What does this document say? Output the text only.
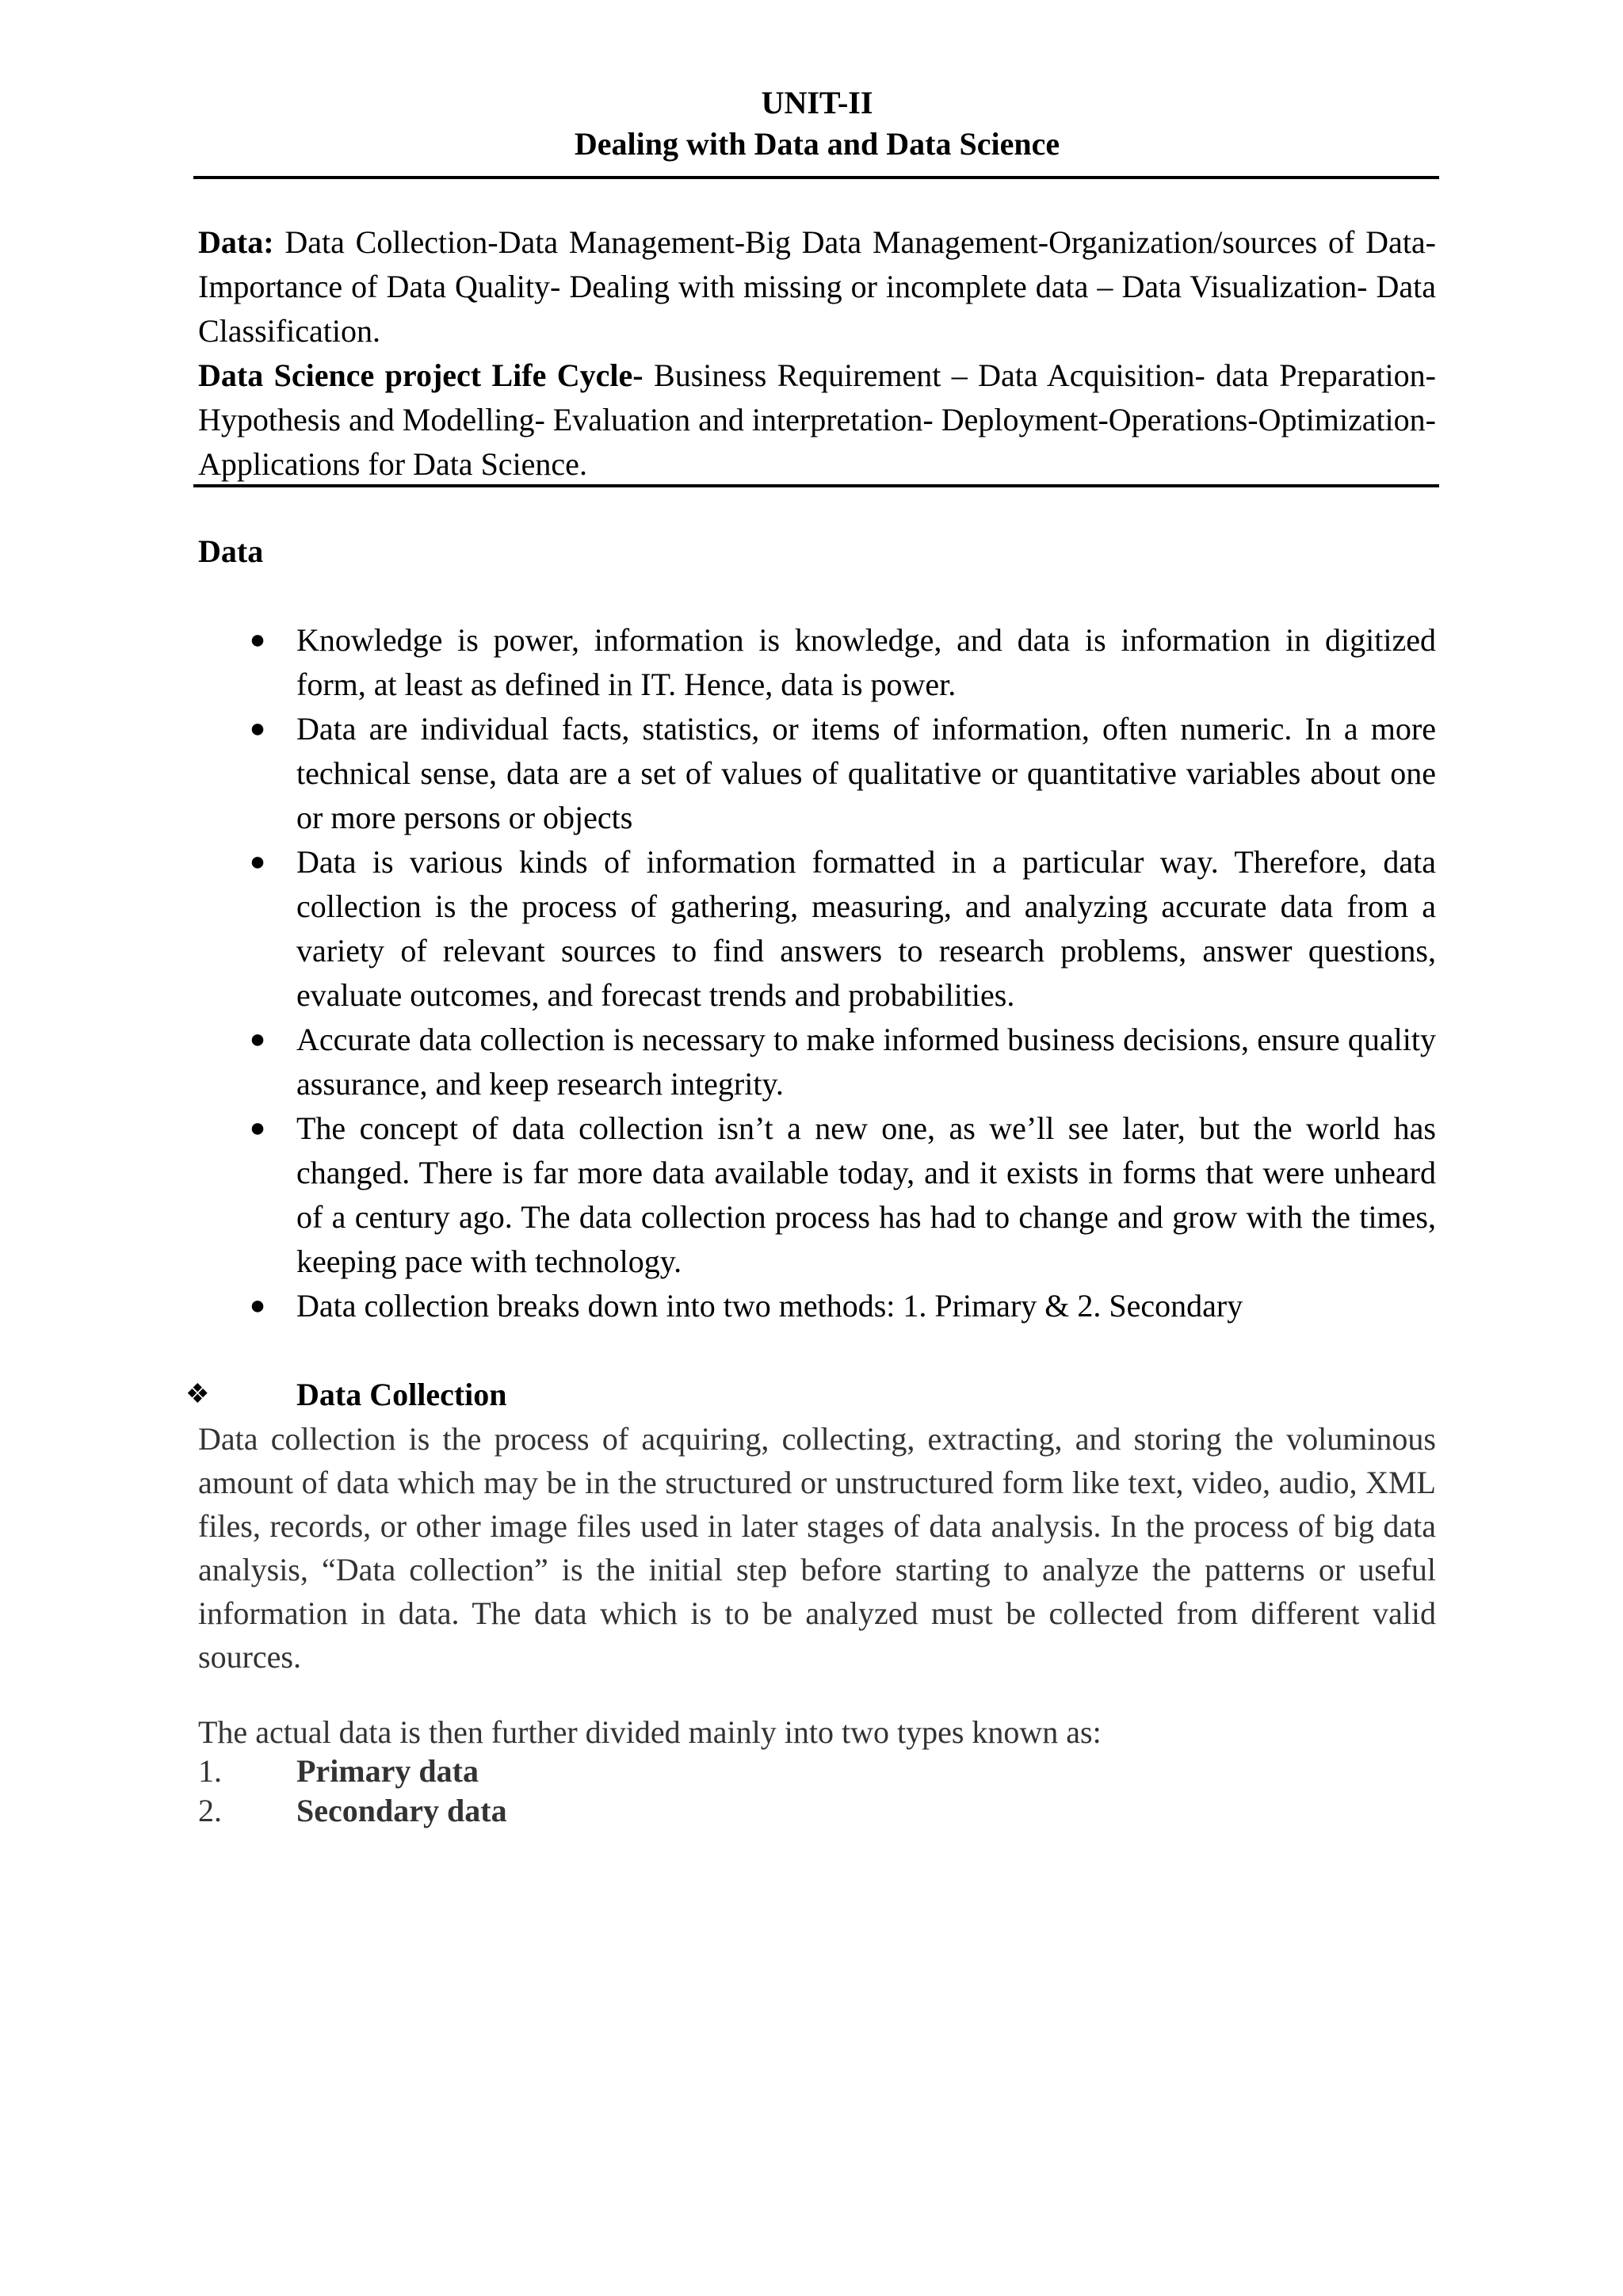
UNIT-II
Dealing with Data and Data Science

Data: Data Collection-Data Management-Big Data Management-Organization/sources of Data- Importance of Data Quality- Dealing with missing or incomplete data – Data Visualization- Data Classification.

Data Science project Life Cycle- Business Requirement – Data Acquisition- data Preparation- Hypothesis and Modelling- Evaluation and interpretation- Deployment-Operations-Optimization-Applications for Data Science.

Data
● Knowledge is power, information is knowledge, and data is information in digitized form, at least as defined in IT. Hence, data is power.
● Data are individual facts, statistics, or items of information, often numeric. In a more technical sense, data are a set of values of qualitative or quantitative variables about one or more persons or objects
● Data is various kinds of information formatted in a particular way. Therefore, data collection is the process of gathering, measuring, and analyzing accurate data from a variety of relevant sources to find answers to research problems, answer questions, evaluate outcomes, and forecast trends and probabilities.
● Accurate data collection is necessary to make informed business decisions, ensure quality assurance, and keep research integrity.
● The concept of data collection isn’t a new one, as we’ll see later, but the world has changed. There is far more data available today, and it exists in forms that were unheard of a century ago. The data collection process has had to change and grow with the times, keeping pace with technology.
● Data collection breaks down into two methods: 1. Primary & 2. Secondary
❖	Data Collection

Data collection is the process of acquiring, collecting, extracting, and storing the voluminous amount of data which may be in the structured or unstructured form like text, video, audio, XML files, records, or other image files used in later stages of data analysis. In the process of big data analysis, “Data collection” is the initial step before starting to analyze the patterns or useful information in data. The data which is to be analyzed must be collected from different valid sources.

The actual data is then further divided mainly into two types known as:
1. Primary data
2. Secondary data
